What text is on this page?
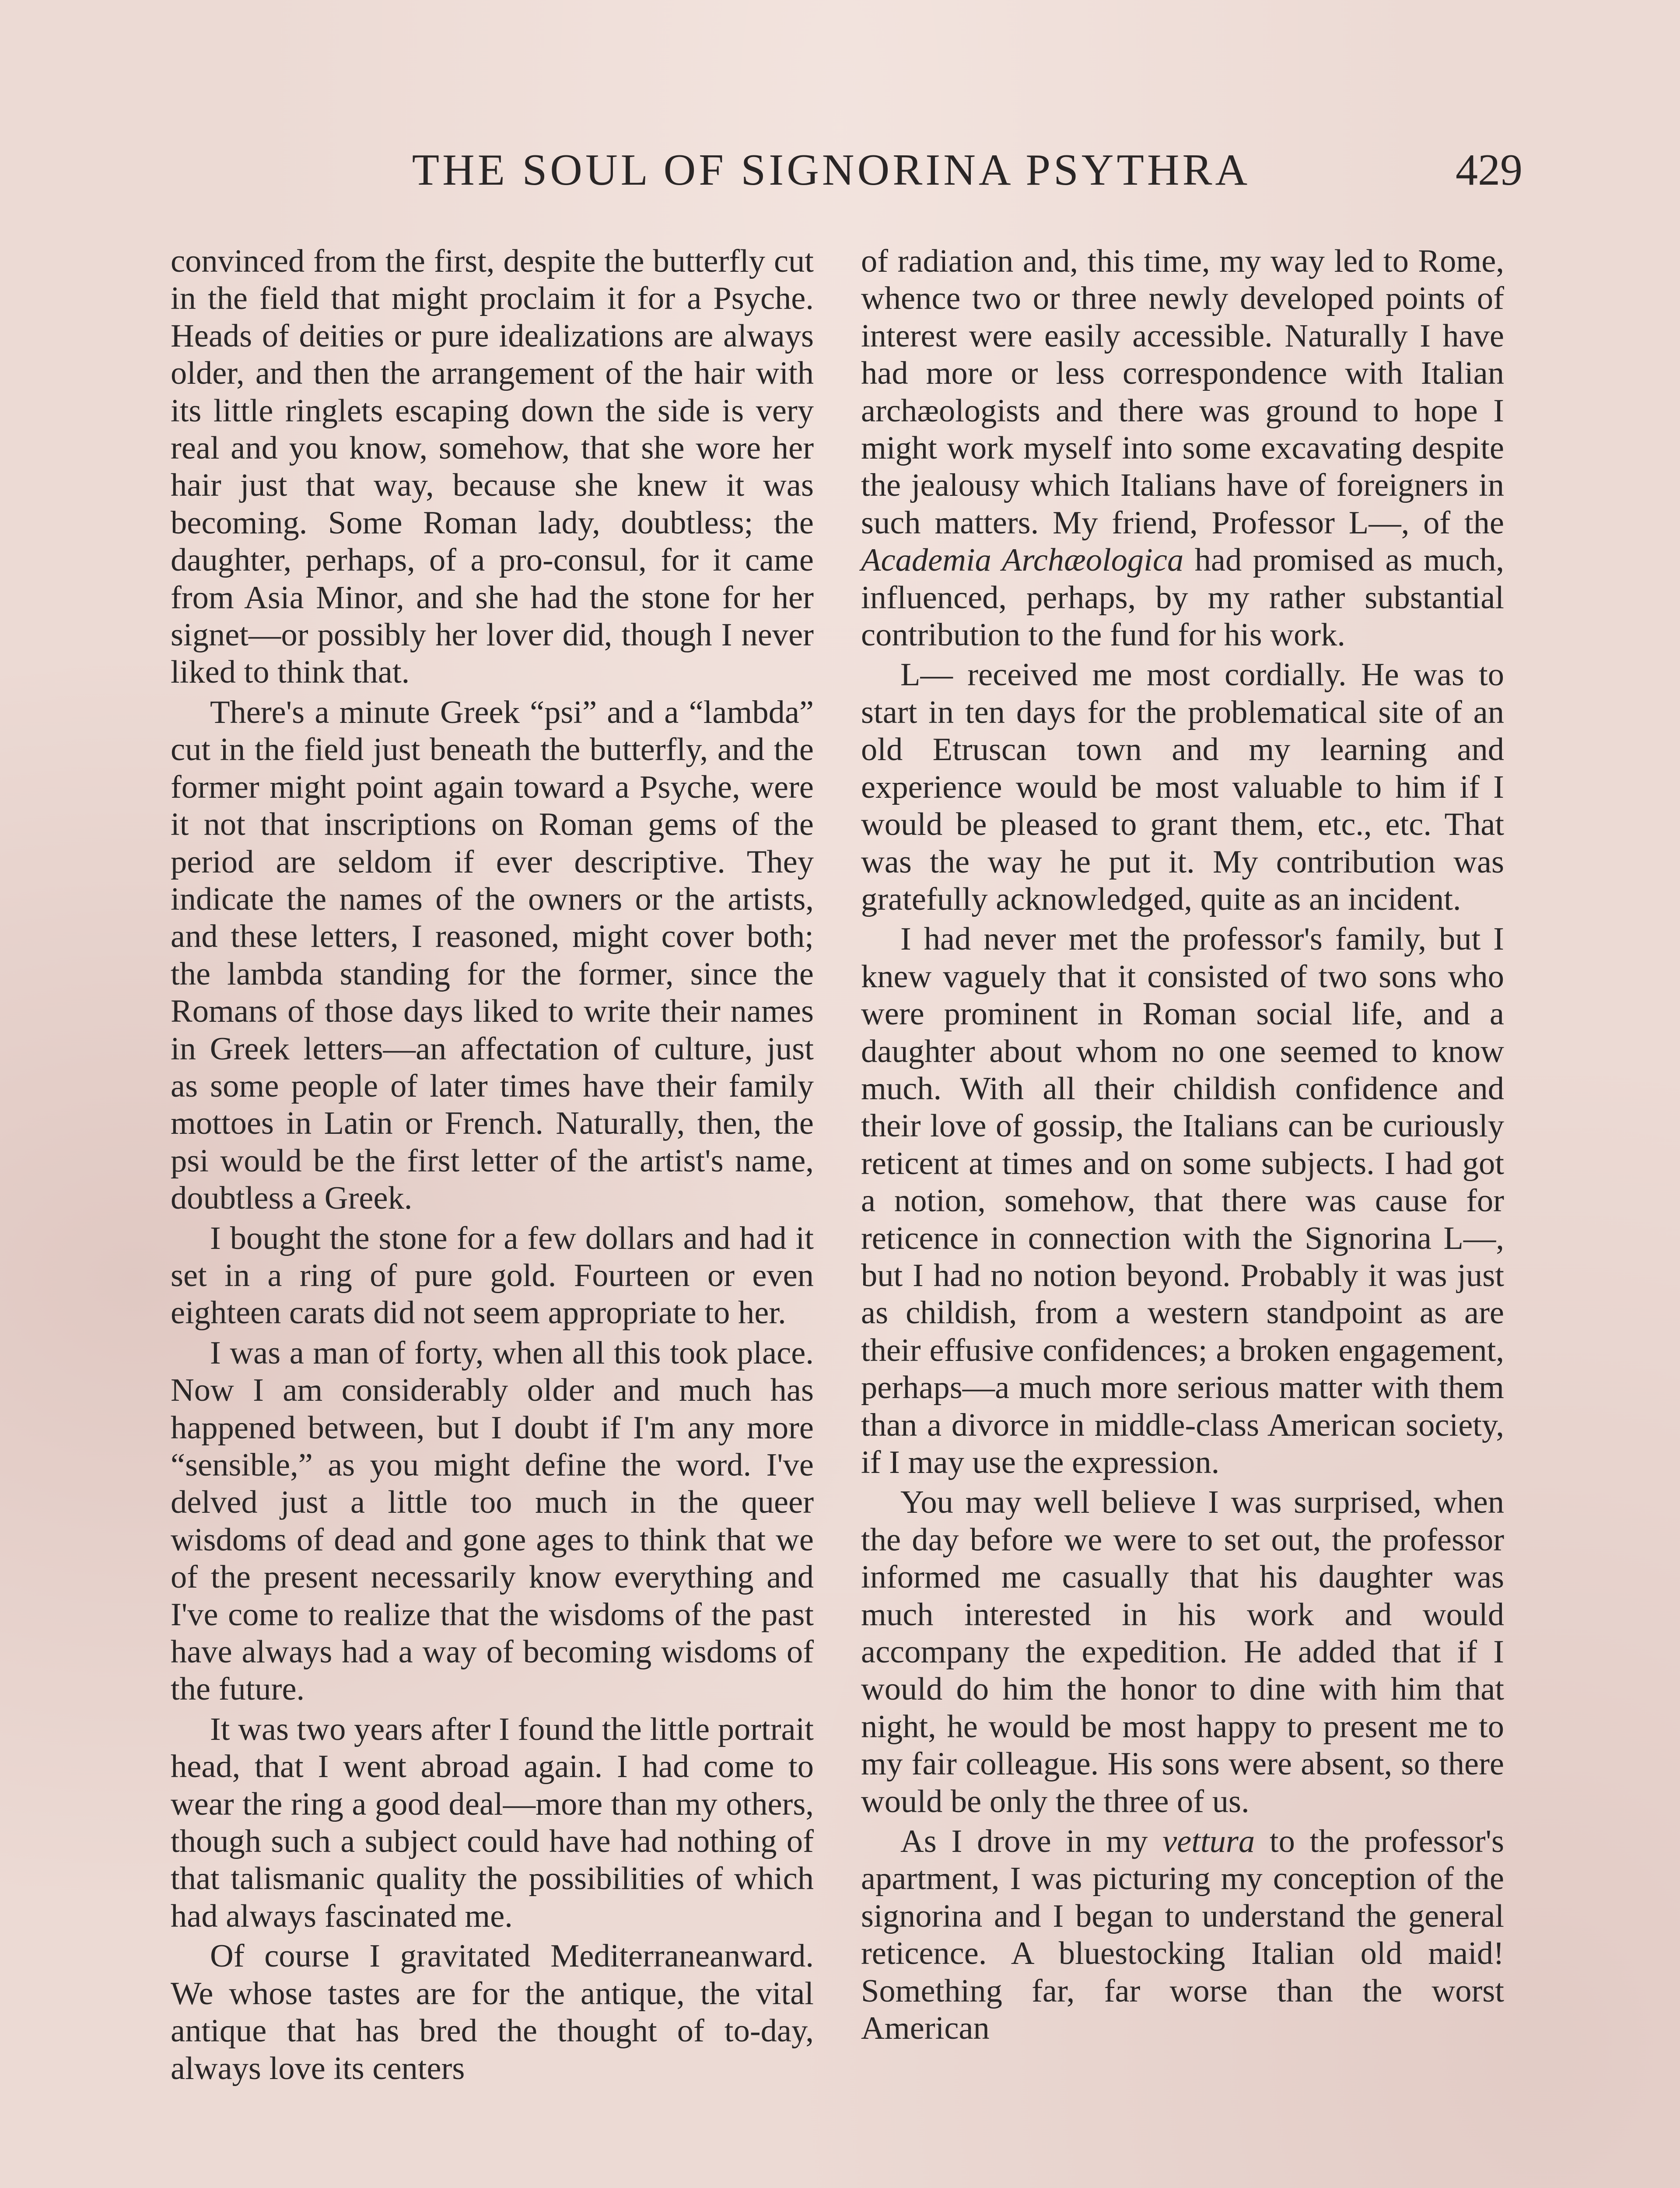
THE SOUL OF SIGNORINA PSYTHRA	429

convinced from the first, despite the butterfly cut in the field that might proclaim it for a Psyche. Heads of deities or pure idealizations are always older, and then the arrangement of the hair with its little ringlets escaping down the side is very real and you know, somehow, that she wore her hair just that way, because she knew it was becoming. Some Roman lady, doubtless; the daughter, perhaps, of a pro-consul, for it came from Asia Minor, and she had the stone for her signet—or possibly her lover did, though I never liked to think that.

There's a minute Greek “psi” and a “lambda” cut in the field just beneath the butterfly, and the former might point again toward a Psyche, were it not that inscriptions on Roman gems of the period are seldom if ever descriptive. They indicate the names of the owners or the artists, and these letters, I reasoned, might cover both; the lambda standing for the former, since the Romans of those days liked to write their names in Greek letters—an affectation of culture, just as some people of later times have their family mottoes in Latin or French. Naturally, then, the psi would be the first letter of the artist's name, doubtless a Greek.

I bought the stone for a few dollars and had it set in a ring of pure gold. Fourteen or even eighteen carats did not seem appropriate to her.

I was a man of forty, when all this took place. Now I am considerably older and much has happened between, but I doubt if I'm any more “sensible,” as you might define the word. I've delved just a little too much in the queer wisdoms of dead and gone ages to think that we of the present necessarily know everything and I've come to realize that the wisdoms of the past have always had a way of becoming wisdoms of the future.

It was two years after I found the little portrait head, that I went abroad again. I had come to wear the ring a good deal—more than my others, though such a subject could have had nothing of that talismanic quality the possibilities of which had always fascinated me.

Of course I gravitated Mediterraneanward. We whose tastes are for the antique, the vital antique that has bred the thought of to-day, always love its centers

of radiation and, this time, my way led to Rome, whence two or three newly developed points of interest were easily accessible. Naturally I have had more or less correspondence with Italian archæologists and there was ground to hope I might work myself into some excavating despite the jealousy which Italians have of foreigners in such matters. My friend, Professor L—, of the Academia Archæologica had promised as much, influenced, perhaps, by my rather substantial contribution to the fund for his work.

L— received me most cordially. He was to start in ten days for the problematical site of an old Etruscan town and my learning and experience would be most valuable to him if I would be pleased to grant them, etc., etc. That was the way he put it. My contribution was gratefully acknowledged, quite as an incident.

I had never met the professor's family, but I knew vaguely that it consisted of two sons who were prominent in Roman social life, and a daughter about whom no one seemed to know much. With all their childish confidence and their love of gossip, the Italians can be curiously reticent at times and on some subjects. I had got a notion, somehow, that there was cause for reticence in connection with the Signorina L—, but I had no notion beyond. Probably it was just as childish, from a western standpoint as are their effusive confidences; a broken engagement, perhaps—a much more serious matter with them than a divorce in middle-class American society, if I may use the expression.

You may well believe I was surprised, when the day before we were to set out, the professor informed me casually that his daughter was much interested in his work and would accompany the expedition. He added that if I would do him the honor to dine with him that night, he would be most happy to present me to my fair colleague. His sons were absent, so there would be only the three of us.

As I drove in my vettura to the professor's apartment, I was picturing my conception of the signorina and I began to understand the general reticence. A bluestocking Italian old maid! Something far, far worse than the worst American
